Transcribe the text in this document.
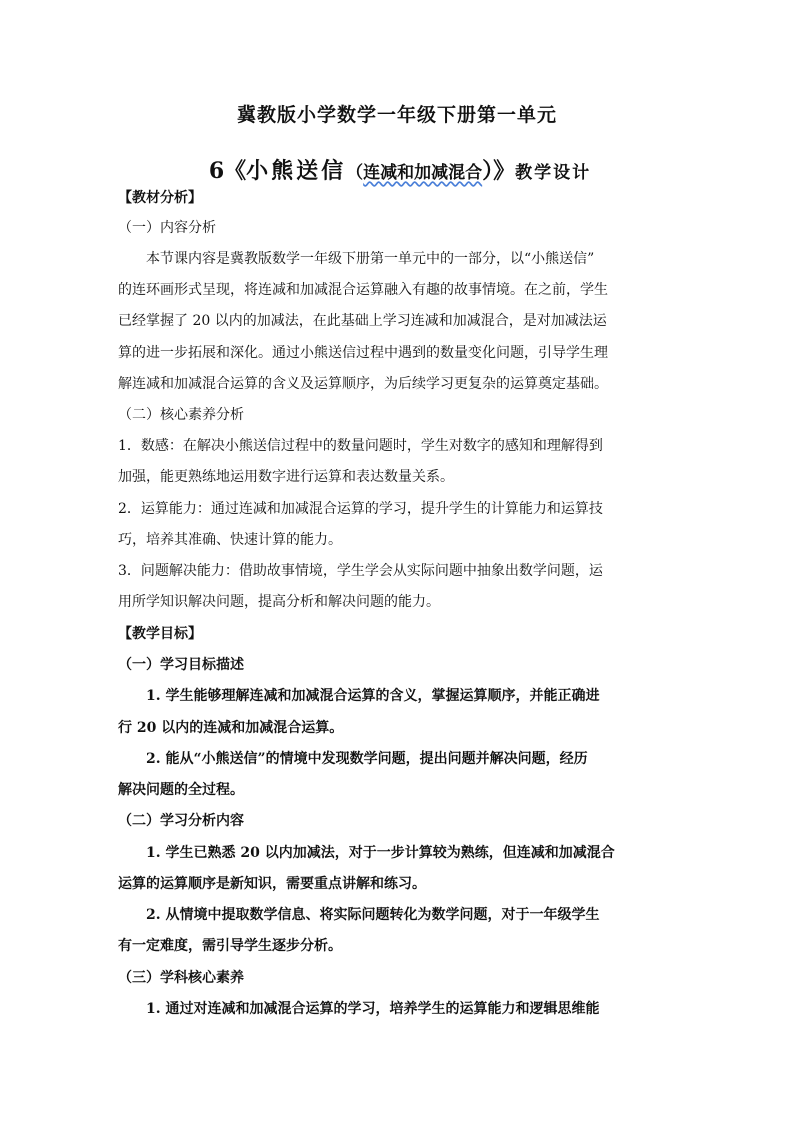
冀教版小学数学一年级下册第一单元
6《小熊送信（连减和加减混合）》教学设计
【教材分析】
（一）内容分析
本节课内容是冀教版数学一年级下册第一单元中的一部分，以“小熊送信”
的连环画形式呈现，将连减和加减混合运算融入有趣的故事情境。在之前，学生
已经掌握了 20 以内的加减法，在此基础上学习连减和加减混合，是对加减法运
算的进一步拓展和深化。通过小熊送信过程中遇到的数量变化问题，引导学生理
解连减和加减混合运算的含义及运算顺序，为后续学习更复杂的运算奠定基础。
（二）核心素养分析
1．数感：在解决小熊送信过程中的数量问题时，学生对数字的感知和理解得到
加强，能更熟练地运用数字进行运算和表达数量关系。
2．运算能力：通过连减和加减混合运算的学习，提升学生的计算能力和运算技
巧，培养其准确、快速计算的能力。
3．问题解决能力：借助故事情境，学生学会从实际问题中抽象出数学问题，运
用所学知识解决问题，提高分析和解决问题的能力。
【教学目标】
（一）学习目标描述
1. 学生能够理解连减和加减混合运算的含义，掌握运算顺序，并能正确进
行 20 以内的连减和加减混合运算。
2. 能从“小熊送信”的情境中发现数学问题，提出问题并解决问题，经历
解决问题的全过程。
（二）学习分析内容
1. 学生已熟悉 20 以内加减法，对于一步计算较为熟练，但连减和加减混合
运算的运算顺序是新知识，需要重点讲解和练习。
2. 从情境中提取数学信息、将实际问题转化为数学问题，对于一年级学生
有一定难度，需引导学生逐步分析。
（三）学科核心素养
1. 通过对连减和加减混合运算的学习，培养学生的运算能力和逻辑思维能
